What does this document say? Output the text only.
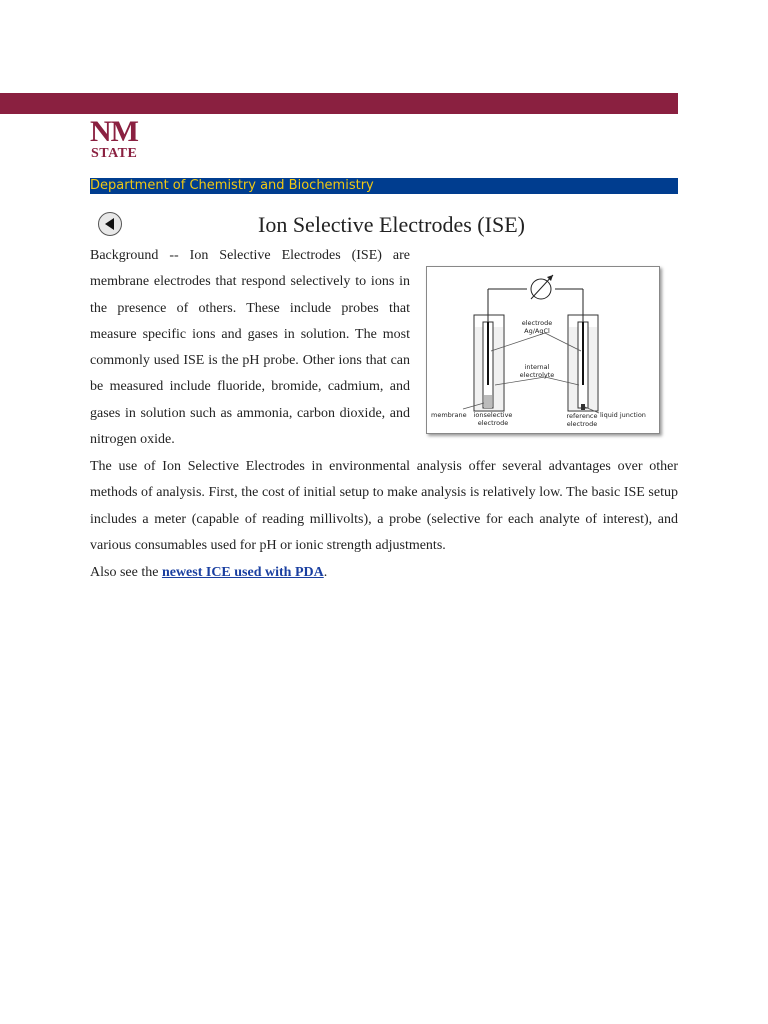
NM
STATE
Department of Chemistry and Biochemistry
Ion Selective Electrodes (ISE)

Background -- Ion Selective Electrodes (ISE) are membrane electrodes that respond selectively to ions in the presence of others. These include probes that measure specific ions and gases in solution. The most commonly used ISE is the pH probe. Other ions that can be measured include fluoride, bromide, cadmium, and gases in solution such as ammonia, carbon dioxide, and nitrogen oxide.

electrode
Ag/AgCl
internal
electrolyte
membrane ionselective
electrode
reference
electrode
liquid junction

The use of Ion Selective Electrodes in environmental analysis offer several advantages over other methods of analysis. First, the cost of initial setup to make analysis is relatively low. The basic ISE setup includes a meter (capable of reading millivolts), a probe (selective for each analyte of interest), and various consumables used for pH or ionic strength adjustments.

Also see the newest ICE used with PDA.
